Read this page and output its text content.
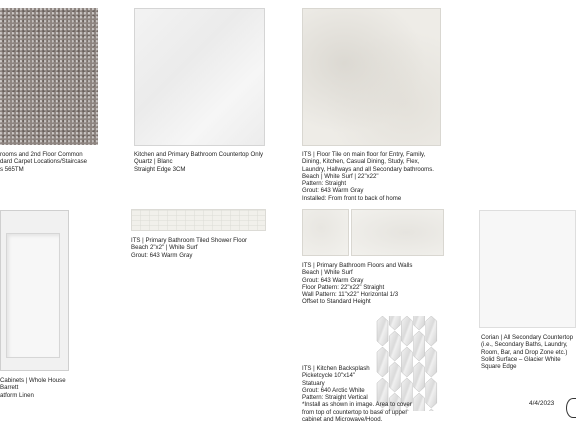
rooms and 2nd Floor Common
dard Carpet Locations/Staircase
s 565TM
Kitchen and Primary Bathroom Countertop Only
Quartz | Blanc
Straight Edge 3CM
ITS | Floor Tile on main floor for Entry, Family,
Dining, Kitchen, Casual Dining, Study, Flex,
Laundry, Hallways and all Secondary bathrooms.
Beach | White Surf | 22"x22"
Pattern: Straight
Grout: 643 Warm Gray
Installed: From front to back of home
Cabinets | Whole House
Barrett
atform Linen
ITS | Primary Bathroom Tiled Shower Floor
Beach 2"x2" | White Surf
Grout: 643 Warm Gray
ITS | Primary Bathroom Floors and Walls
Beach | White Surf
Grout: 643 Warm Gray
Floor Pattern: 22"x22" Straight
Wall Pattern: 11"x22" Horizontal 1/3
Offset to Standard Height
ITS | Kitchen Backsplash
Picketcycle 10"x14"
Statuary
Grout: 640 Arctic White
Pattern: Straight Vertical
*Install as shown in image. Area to cover
from top of countertop to base of upper
cabinet and Microwave/Hood.
Corian | All Secondary Countertop
(i.e., Secondary Baths, Laundry,
Room, Bar, and Drop Zone etc.)
Solid Surface – Glacier White
Square Edge
4/4/2023
